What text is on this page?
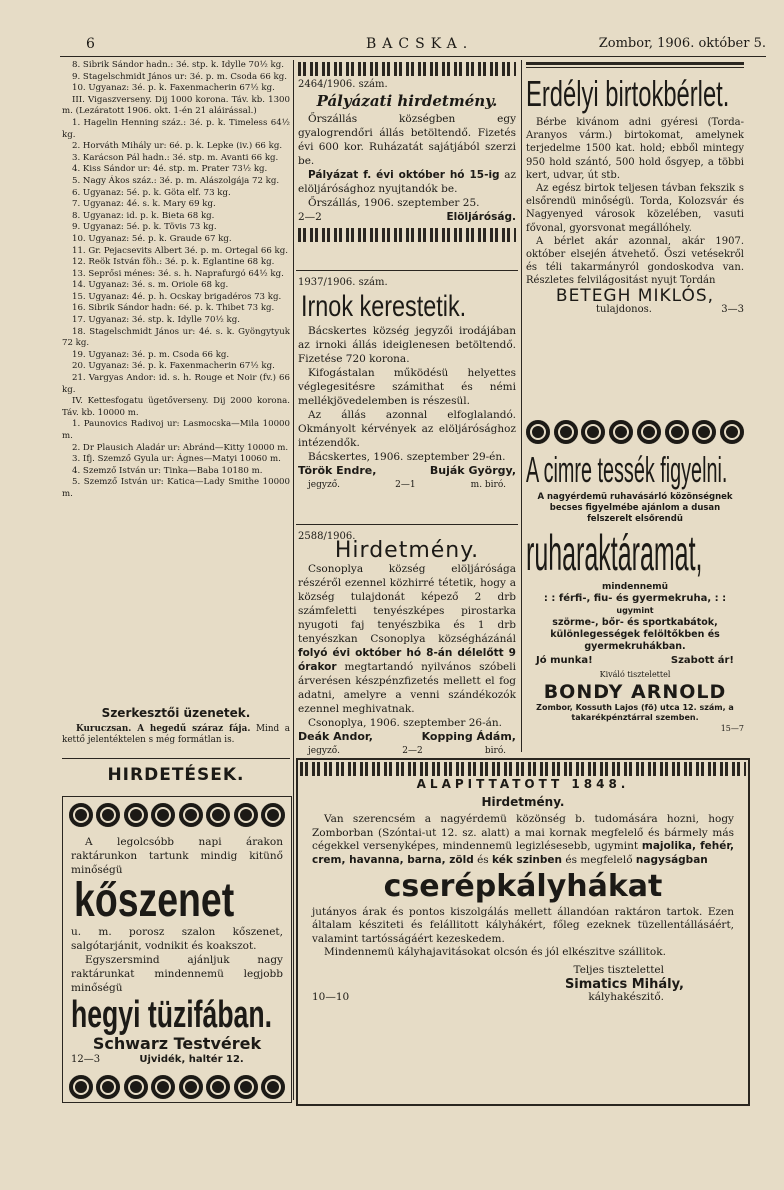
6	BACSKA.	Zombor, 1906. október 5.

8. Sibrik Sándor hadn.: 3é. stp. k. Idylle 70½ kg.

9. Stagelschmidt János ur: 3é. p. m. Csoda 66 kg.

10. Ugyanaz: 3é. p. k. Faxenmacherin 67½ kg.

III. Vigaszverseny. Dij 1000 korona. Táv. kb. 1300 m. (Lezáratott 1906. okt. 1-én 21 aláirással.)

1. Hagelin Henning száz.: 3é. p. k. Timeless 64½ kg.

2. Horváth Mihály ur: 6é. p. k. Lepke (iv.) 66 kg.

3. Karácson Pál hadn.: 3é. stp. m. Avanti 66 kg.

4. Kiss Sándor ur: 4é. stp. m. Prater 73½ kg.

5. Nagy Ákos száz.: 3é. p. m. Alászolgája 72 kg.

6. Ugyanaz: 5é. p. k. Göta elf. 73 kg.

7. Ugyanaz: 4é. s. k. Mary 69 kg.

8. Ugyanaz: id. p. k. Bieta 68 kg.

9. Ugyanaz: 5é. p. k. Tövis 73 kg.

10. Ugyanaz: 5é. p. k. Graude 67 kg.

11. Gr. Pejacsevits Albert 3é. p. m. Ortegal 66 kg.

12. Reök István föh.: 3é. p. k. Eglantine 68 kg.

13. Seprősi ménes: 3é. s. h. Naprafurgó 64½ kg.

14. Ugyanaz: 3é. s. m. Oriole 68 kg.

15. Ugyanaz: 4é. p. h. Ocskay brigadéros 73 kg.

16. Sibrik Sándor hadn: 6é. p. k. Thibet 73 kg.

17. Ugyanaz: 3é. stp. k. Idylle 70½ kg.

18. Stagelschmidt János ur: 4é. s. k. Gyöngytyuk 72 kg.

19. Ugyanaz: 3é. p. m. Csoda 66 kg.

20. Ugyanaz: 3é. p. k. Faxenmacherin 67½ kg.

21. Vargyas Andor: id. s. h. Rouge et Noir (fv.) 66 kg.

IV. Kettesfogatu ügetőverseny. Dij 2000 korona. Táv. kb. 10000 m.

1. Paunovics Radivoj ur: Lasmocska—Mila 10000 m.

2. Dr Plausich Aladár ur: Abránd—Kitty 10000 m.

3. Ifj. Szemző Gyula ur: Ágnes—Matyi 10060 m.

4. Szemző István ur: Tinka—Baba 10180 m.

5. Szemző István ur: Katica—Lady Smithe 10000 m.

Szerkesztői üzenetek.
Kuruczsan. A hegedű száraz fája. Mind a kettő jelentéktelen s még formátlan is.
HIRDETÉSEK.

A legolcsóbb napi árakon raktárunkon tartunk mindig kitünő minőségü

kőszenet

u. m. porosz szalon kőszenet, salgótarjánit, vodnikit és koakszot.

Egyszersmind ajánljuk nagy raktárunkat mindennemü legjobb minőségü

hegyi tüzifában.
Schwarz Testvérek
12—3	Ujvidék, haltér 12.
2464/1906. szám.
Pályázati hirdetmény.

Őrszállás községben egy gyalogrendőri állás betöltendő. Fizetés évi 600 kor. Ruházatát sajátjából szerzi be.

Pályázat f. évi október hó 15-ig az elöljárósághoz nyujtandók be.

Őrszállás, 1906. szeptember 25.

2—2	Elöljáróság.
1937/1906. szám.
Irnok kerestetik.

Bácskertes község jegyzői irodájában az irnoki állás ideiglenesen betöltendő. Fizetése 720 korona.

Kifogástalan működésü helyettes véglegesitésre számithat és némi mellékjövedelemben is részesül.

Az állás azonnal elfoglalandó. Okmányolt kérvények az elöljárósághoz intézendők.

Bácskertes, 1906. szeptember 29-én.

Török Endre,	Buják György,
jegyző.	2—1	m. biró.
2588/1906.
Hirdetmény.

Csonoplya község elöljárósága részéről ezennel közhirré tétetik, hogy a község tulajdonát képező 2 drb számfeletti tenyészképes pirostarka nyugoti faj tenyészbika és 1 drb tenyészkan Csonoplya községházánál folyó évi október hó 8-án délelőtt 9 órakor megtartandó nyilvános szóbeli árverésen készpénzfizetés mellett el fog adatni, amelyre a venni szándékozók ezennel meghivatnak.

Csonoplya, 1906. szeptember 26-án.

Deák Andor,	Kopping Ádám,
jegyző.	2—2	biró.
Erdélyi birtokbérlet.

Bérbe kivánom adni gyéresi (Torda-Aranyos várm.) birtokomat, amelynek terjedelme 1500 kat. hold; ebből mintegy 950 hold szántó, 500 hold ősgyep, a többi kert, udvar, út stb.

Az egész birtok teljesen távban fekszik s elsőrendü minőségü. Torda, Kolozsvár és Nagyenyed városok közelében, vasuti fővonal, gyorsvonat megállóhely.

A bérlet akár azonnal, akár 1907. október elsején átvehető. Őszi vetésekről és téli takarmányról gondoskodva van. Részletes felvilágositást nyujt Tordán

BETEGH MIKLÓS,
tulajdonos.	3—3
A cimre tessék figyelni.
A nagyérdemü ruhavásárló közönségnek becses figyelmébe ajánlom a dusan felszerelt elsőrendü
ruharaktáramat,
mindennemü
: : férfi-, fiu- és gyermekruha, : :
ugymint
szörme-, bőr- és sportkabátok, különlegességek felöltőkben és gyermekruhákban.
Jó munka!	Szabott ár!
Kiváló tisztelettel
BONDY ARNOLD
Zombor, Kossuth Lajos (fö) utca 12. szám, a takarékpénztárral szemben.
15—7
ALAPITTATOTT 1848.
Hirdetmény.

Van szerencsém a nagyérdemü közönség b. tudomására hozni, hogy Zomborban (Szóntai-ut 12. sz. alatt) a mai kornak megfelelő és bármely más cégekkel versenyképes, mindennemü legizlésesebb, ugymint majolika, fehér, crem, havanna, barna, zöld és kék szinben és megfelelő nagyságban

cserépkályhákat

jutányos árak és pontos kiszolgálás mellett állandóan raktáron tartok. Ezen általam késziteti és felállitott kályhákért, főleg ezeknek tüzellentállásáért, valamint tartósságáért kezeskedem.

Mindennemü kályhajavitásokat olcsón és jól elkészitve szállitok.

Teljes tisztelettel
Simatics Mihály,
10—10	kályhakészitő.
